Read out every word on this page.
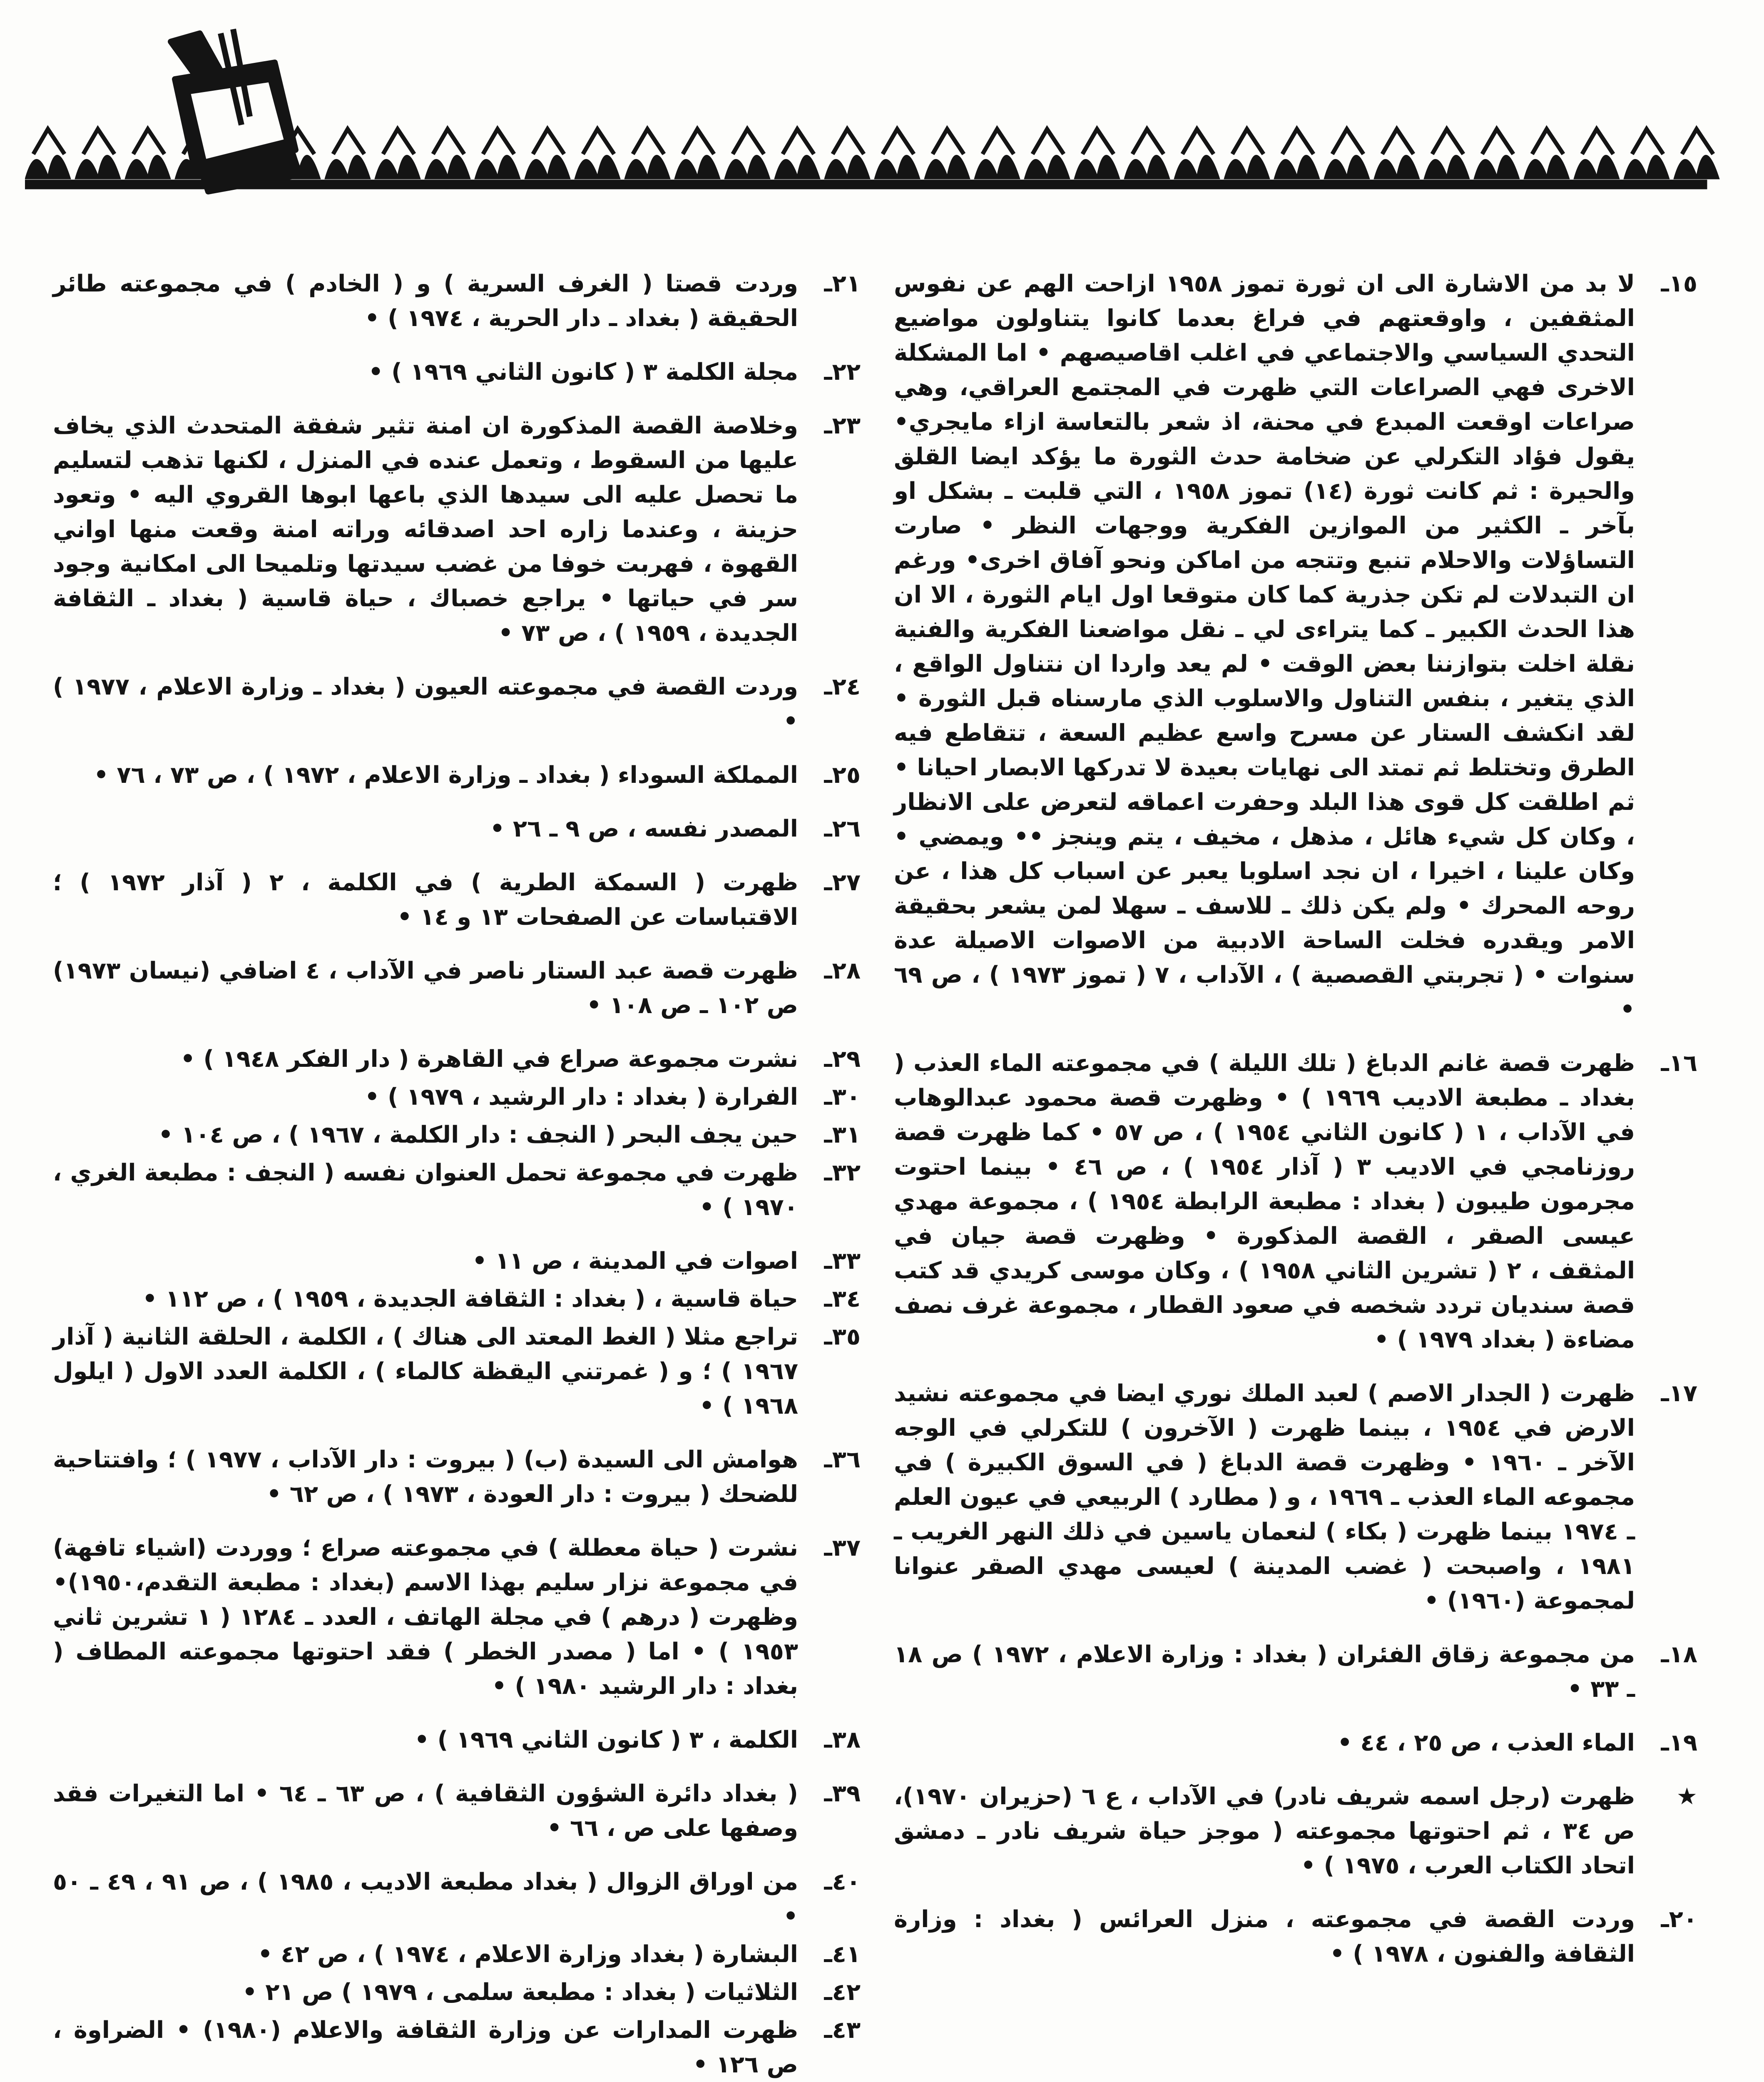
١٥ـ
لا بد من الاشارة الى ان ثورة تموز ١٩٥٨ ازاحت الهم عن نفوس المثقفين ، واوقعتهم في فراغ بعدما كانوا يتناولون مواضيع التحدي السياسي والاجتماعي في اغلب اقاصيصهم • اما المشكلة الاخرى فهي الصراعات التي ظهرت في المجتمع العراقي، وهي صراعات اوقعت المبدع في محنة، اذ شعر بالتعاسة ازاء مايجري• يقول فؤاد التكرلي عن ضخامة حدث الثورة ما يؤكد ايضا القلق والحيرة : ثم كانت ثورة (١٤) تموز ١٩٥٨ ، التي قلبت ـ بشكل او بآخر ـ الكثير من الموازين الفكرية ووجهات النظر • صارت التساؤلات والاحلام تنبع وتتجه من اماكن ونحو آفاق اخرى• ورغم ان التبدلات لم تكن جذرية كما كان متوقعا اول ايام الثورة ، الا ان هذا الحدث الكبير ـ كما يتراءى لي ـ نقل مواضعنا الفكرية والفنية نقلة اخلت بتوازننا بعض الوقت • لم يعد واردا ان نتناول الواقع ، الذي يتغير ، بنفس التناول والاسلوب الذي مارسناه قبل الثورة • لقد انكشف الستار عن مسرح واسع عظيم السعة ، تتقاطع فيه الطرق وتختلط ثم تمتد الى نهايات بعيدة لا تدركها الابصار احيانا • ثم اطلقت كل قوى هذا البلد وحفرت اعماقه لتعرض على الانظار ، وكان كل شيء هائل ، مذهل ، مخيف ، يتم وينجز •• ويمضي • وكان علينا ، اخيرا ، ان نجد اسلوبا يعبر عن اسباب كل هذا ، عن روحه المحرك • ولم يكن ذلك ـ للاسف ـ سهلا لمن يشعر بحقيقة الامر ويقدره فخلت الساحة الادبية من الاصوات الاصيلة عدة سنوات • ( تجربتي القصصية ) ، الآداب ، ٧ ( تموز ١٩٧٣ ) ، ص ٦٩ •
١٦ـ
ظهرت قصة غانم الدباغ ( تلك الليلة ) في مجموعته الماء العذب ( بغداد ـ مطبعة الاديب ١٩٦٩ ) • وظهرت قصة محمود عبدالوهاب في الآداب ، ١ ( كانون الثاني ١٩٥٤ ) ، ص ٥٧ • كما ظهرت قصة روزنامجي في الاديب ٣ ( آذار ١٩٥٤ ) ، ص ٤٦ • بينما احتوت مجرمون طيبون ( بغداد : مطبعة الرابطة ١٩٥٤ ) ، مجموعة مهدي عيسى الصقر ، القصة المذكورة • وظهرت قصة جيان في المثقف ، ٢ ( تشرين الثاني ١٩٥٨ ) ، وكان موسى كريدي قد كتب قصة سنديان تردد شخصه في صعود القطار ، مجموعة غرف نصف مضاءة ( بغداد ١٩٧٩ ) •
١٧ـ
ظهرت ( الجدار الاصم ) لعبد الملك نوري ايضا في مجموعته نشيد الارض في ١٩٥٤ ، بينما ظهرت ( الآخرون ) للتكرلي في الوجه الآخر ـ ١٩٦٠ • وظهرت قصة الدباغ ( في السوق الكبيرة ) في مجموعه الماء العذب ـ ١٩٦٩ ، و ( مطارد ) الربيعي في عيون العلم ـ ١٩٧٤ بينما ظهرت ( بكاء ) لنعمان ياسين في ذلك النهر الغريب ـ ١٩٨١ ، واصبحت ( غضب المدينة ) لعيسى مهدي الصقر عنوانا لمجموعة (١٩٦٠) •
١٨ـ
من مجموعة زقاق الفئران ( بغداد : وزارة الاعلام ، ١٩٧٢ ) ص ١٨ ـ ٣٣ •
١٩ـ
الماء العذب ، ص ٢٥ ، ٤٤ •
★
ظهرت (رجل اسمه شريف نادر) في الآداب ، ع ٦ (حزيران ١٩٧٠)، ص ٣٤ ، ثم احتوتها مجموعته ( موجز حياة شريف نادر ـ دمشق اتحاد الكتاب العرب ، ١٩٧٥ ) •
٢٠ـ
وردت القصة في مجموعته ، منزل العرائس ( بغداد : وزارة الثقافة والفنون ، ١٩٧٨ ) •
٢١ـ
وردت قصتا ( الغرف السرية ) و ( الخادم ) في مجموعته طائر الحقيقة ( بغداد ـ دار الحرية ، ١٩٧٤ ) •
٢٢ـ
مجلة الكلمة ٣ ( كانون الثاني ١٩٦٩ ) •
٢٣ـ
وخلاصة القصة المذكورة ان امنة تثير شفقة المتحدث الذي يخاف عليها من السقوط ، وتعمل عنده في المنزل ، لكنها تذهب لتسليم ما تحصل عليه الى سيدها الذي باعها ابوها القروي اليه • وتعود حزينة ، وعندما زاره احد اصدقائه وراته امنة وقعت منها اواني القهوة ، فهربت خوفا من غضب سيدتها وتلميحا الى امكانية وجود سر في حياتها • يراجع خصباك ، حياة قاسية ( بغداد ـ الثقافة الجديدة ، ١٩٥٩ ) ، ص ٧٣ •
٢٤ـ
وردت القصة في مجموعته العيون ( بغداد ـ وزارة الاعلام ، ١٩٧٧ ) •
٢٥ـ
المملكة السوداء ( بغداد ـ وزارة الاعلام ، ١٩٧٢ ) ، ص ٧٣ ، ٧٦ •
٢٦ـ
المصدر نفسه ، ص ٩ ـ ٢٦ •
٢٧ـ
ظهرت ( السمكة الطرية ) في الكلمة ، ٢ ( آذار ١٩٧٢ ) ؛ الاقتباسات عن الصفحات ١٣ و ١٤ •
٢٨ـ
ظهرت قصة عبد الستار ناصر في الآداب ، ٤ اضافي (نيسان ١٩٧٣) ص ١٠٢ ـ ص ١٠٨ •
٢٩ـ
نشرت مجموعة صراع في القاهرة ( دار الفكر ١٩٤٨ ) •
٣٠ـ
الفرارة ( بغداد : دار الرشيد ، ١٩٧٩ ) •
٣١ـ
حين يجف البحر ( النجف : دار الكلمة ، ١٩٦٧ ) ، ص ١٠٤ •
٣٢ـ
ظهرت في مجموعة تحمل العنوان نفسه ( النجف : مطبعة الغري ، ١٩٧٠ ) •
٣٣ـ
اصوات في المدينة ، ص ١١ •
٣٤ـ
حياة قاسية ، ( بغداد : الثقافة الجديدة ، ١٩٥٩ ) ، ص ١١٢ •
٣٥ـ
تراجع مثلا ( الغط المعتد الى هناك ) ، الكلمة ، الحلقة الثانية ( آذار ١٩٦٧ ) ؛ و ( غمرتني اليقظة كالماء ) ، الكلمة العدد الاول ( ايلول ١٩٦٨ ) •
٣٦ـ
هوامش الى السيدة (ب) ( بيروت : دار الآداب ، ١٩٧٧ ) ؛ وافتتاحية للضحك ( بيروت : دار العودة ، ١٩٧٣ ) ، ص ٦٢ •
٣٧ـ
نشرت ( حياة معطلة ) في مجموعته صراع ؛ ووردت (اشياء تافهة) في مجموعة نزار سليم بهذا الاسم (بغداد : مطبعة التقدم،١٩٥٠)• وظهرت ( درهم ) في مجلة الهاتف ، العدد ـ ١٢٨٤ ( ١ تشرين ثاني ١٩٥٣ ) • اما ( مصدر الخطر ) فقد احتوتها مجموعته المطاف ( بغداد : دار الرشيد ١٩٨٠ ) •
٣٨ـ
الكلمة ، ٣ ( كانون الثاني ١٩٦٩ ) •
٣٩ـ
( بغداد دائرة الشؤون الثقافية ) ، ص ٦٣ ـ ٦٤ • اما التغيرات فقد وصفها على ص ، ٦٦ •
٤٠ـ
من اوراق الزوال ( بغداد مطبعة الاديب ، ١٩٨٥ ) ، ص ٩١ ، ٤٩ ـ ٥٠ •
٤١ـ
البشارة ( بغداد وزارة الاعلام ، ١٩٧٤ ) ، ص ٤٢ •
٤٢ـ
الثلاثيات ( بغداد : مطبعة سلمى ، ١٩٧٩ ) ص ٢١ •
٤٣ـ
ظهرت المدارات عن وزارة الثقافة والاعلام (١٩٨٠) • الضراوة ، ص ١٢٦ •
